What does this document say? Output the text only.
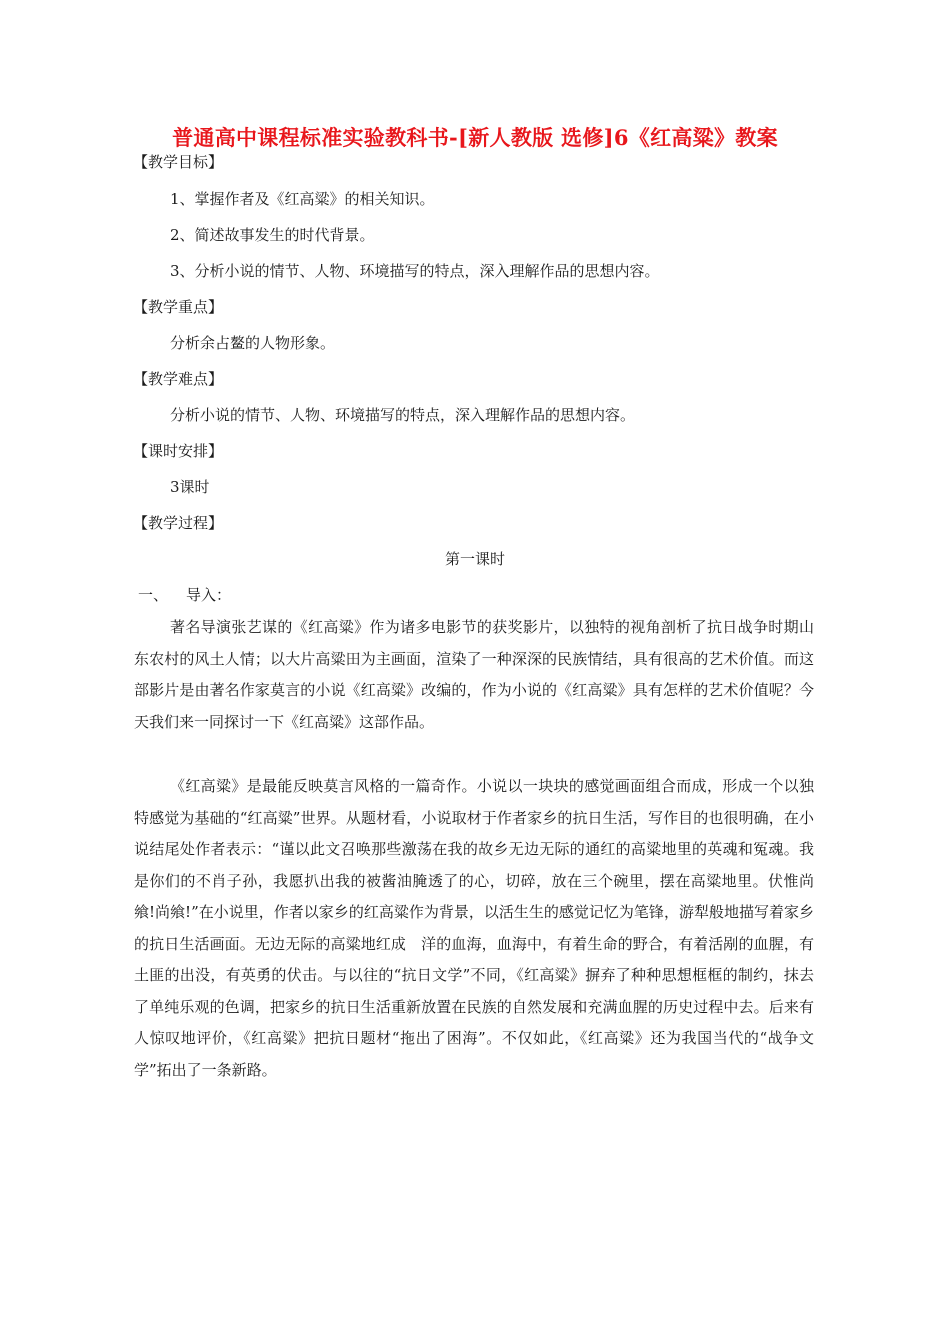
普通高中课程标准实验教科书-[新人教版 选修]6《红高粱》教案
【教学目标】
1、掌握作者及《红高粱》的相关知识。
2、简述故事发生的时代背景。
3、分析小说的情节、人物、环境描写的特点，深入理解作品的思想内容。
【教学重点】
分析余占鳌的人物形象。
【教学难点】
分析小说的情节、人物、环境描写的特点，深入理解作品的思想内容。
【课时安排】
3课时
【教学过程】
第一课时
一、 导入：
著名导演张艺谋的《红高粱》作为诸多电影节的获奖影片，以独特的视角剖析了抗日战争时期山东农村的风土人情；以大片高粱田为主画面，渲染了一种深深的民族情结，具有很高的艺术价值。而这部影片是由著名作家莫言的小说《红高粱》改编的，作为小说的《红高粱》具有怎样的艺术价值呢？今天我们来一同探讨一下《红高粱》这部作品。
《红高粱》是最能反映莫言风格的一篇奇作。小说以一块块的感觉画面组合而成，形成一个以独特感觉为基础的“红高粱”世界。从题材看，小说取材于作者家乡的抗日生活，写作目的也很明确，在小说结尾处作者表示：“谨以此文召唤那些激荡在我的故乡无边无际的通红的高粱地里的英魂和冤魂。我是你们的不肖子孙，我愿扒出我的被酱油腌透了的心，切碎，放在三个碗里，摆在高粱地里。伏惟尚飨!尚飨!”在小说里，作者以家乡的红高粱作为背景，以活生生的感觉记忆为笔锋，游犁般地描写着家乡的抗日生活画面。无边无际的高粱地红成　洋的血海，血海中，有着生命的野合，有着活剐的血腥，有土匪的出没，有英勇的伏击。与以往的“抗日文学”不同，《红高粱》摒弃了种种思想框框的制约，抹去了单纯乐观的色调，把家乡的抗日生活重新放置在民族的自然发展和充满血腥的历史过程中去。后来有人惊叹地评价，《红高粱》把抗日题材“拖出了困海”。不仅如此，《红高粱》还为我国当代的“战争文学”拓出了一条新路。
